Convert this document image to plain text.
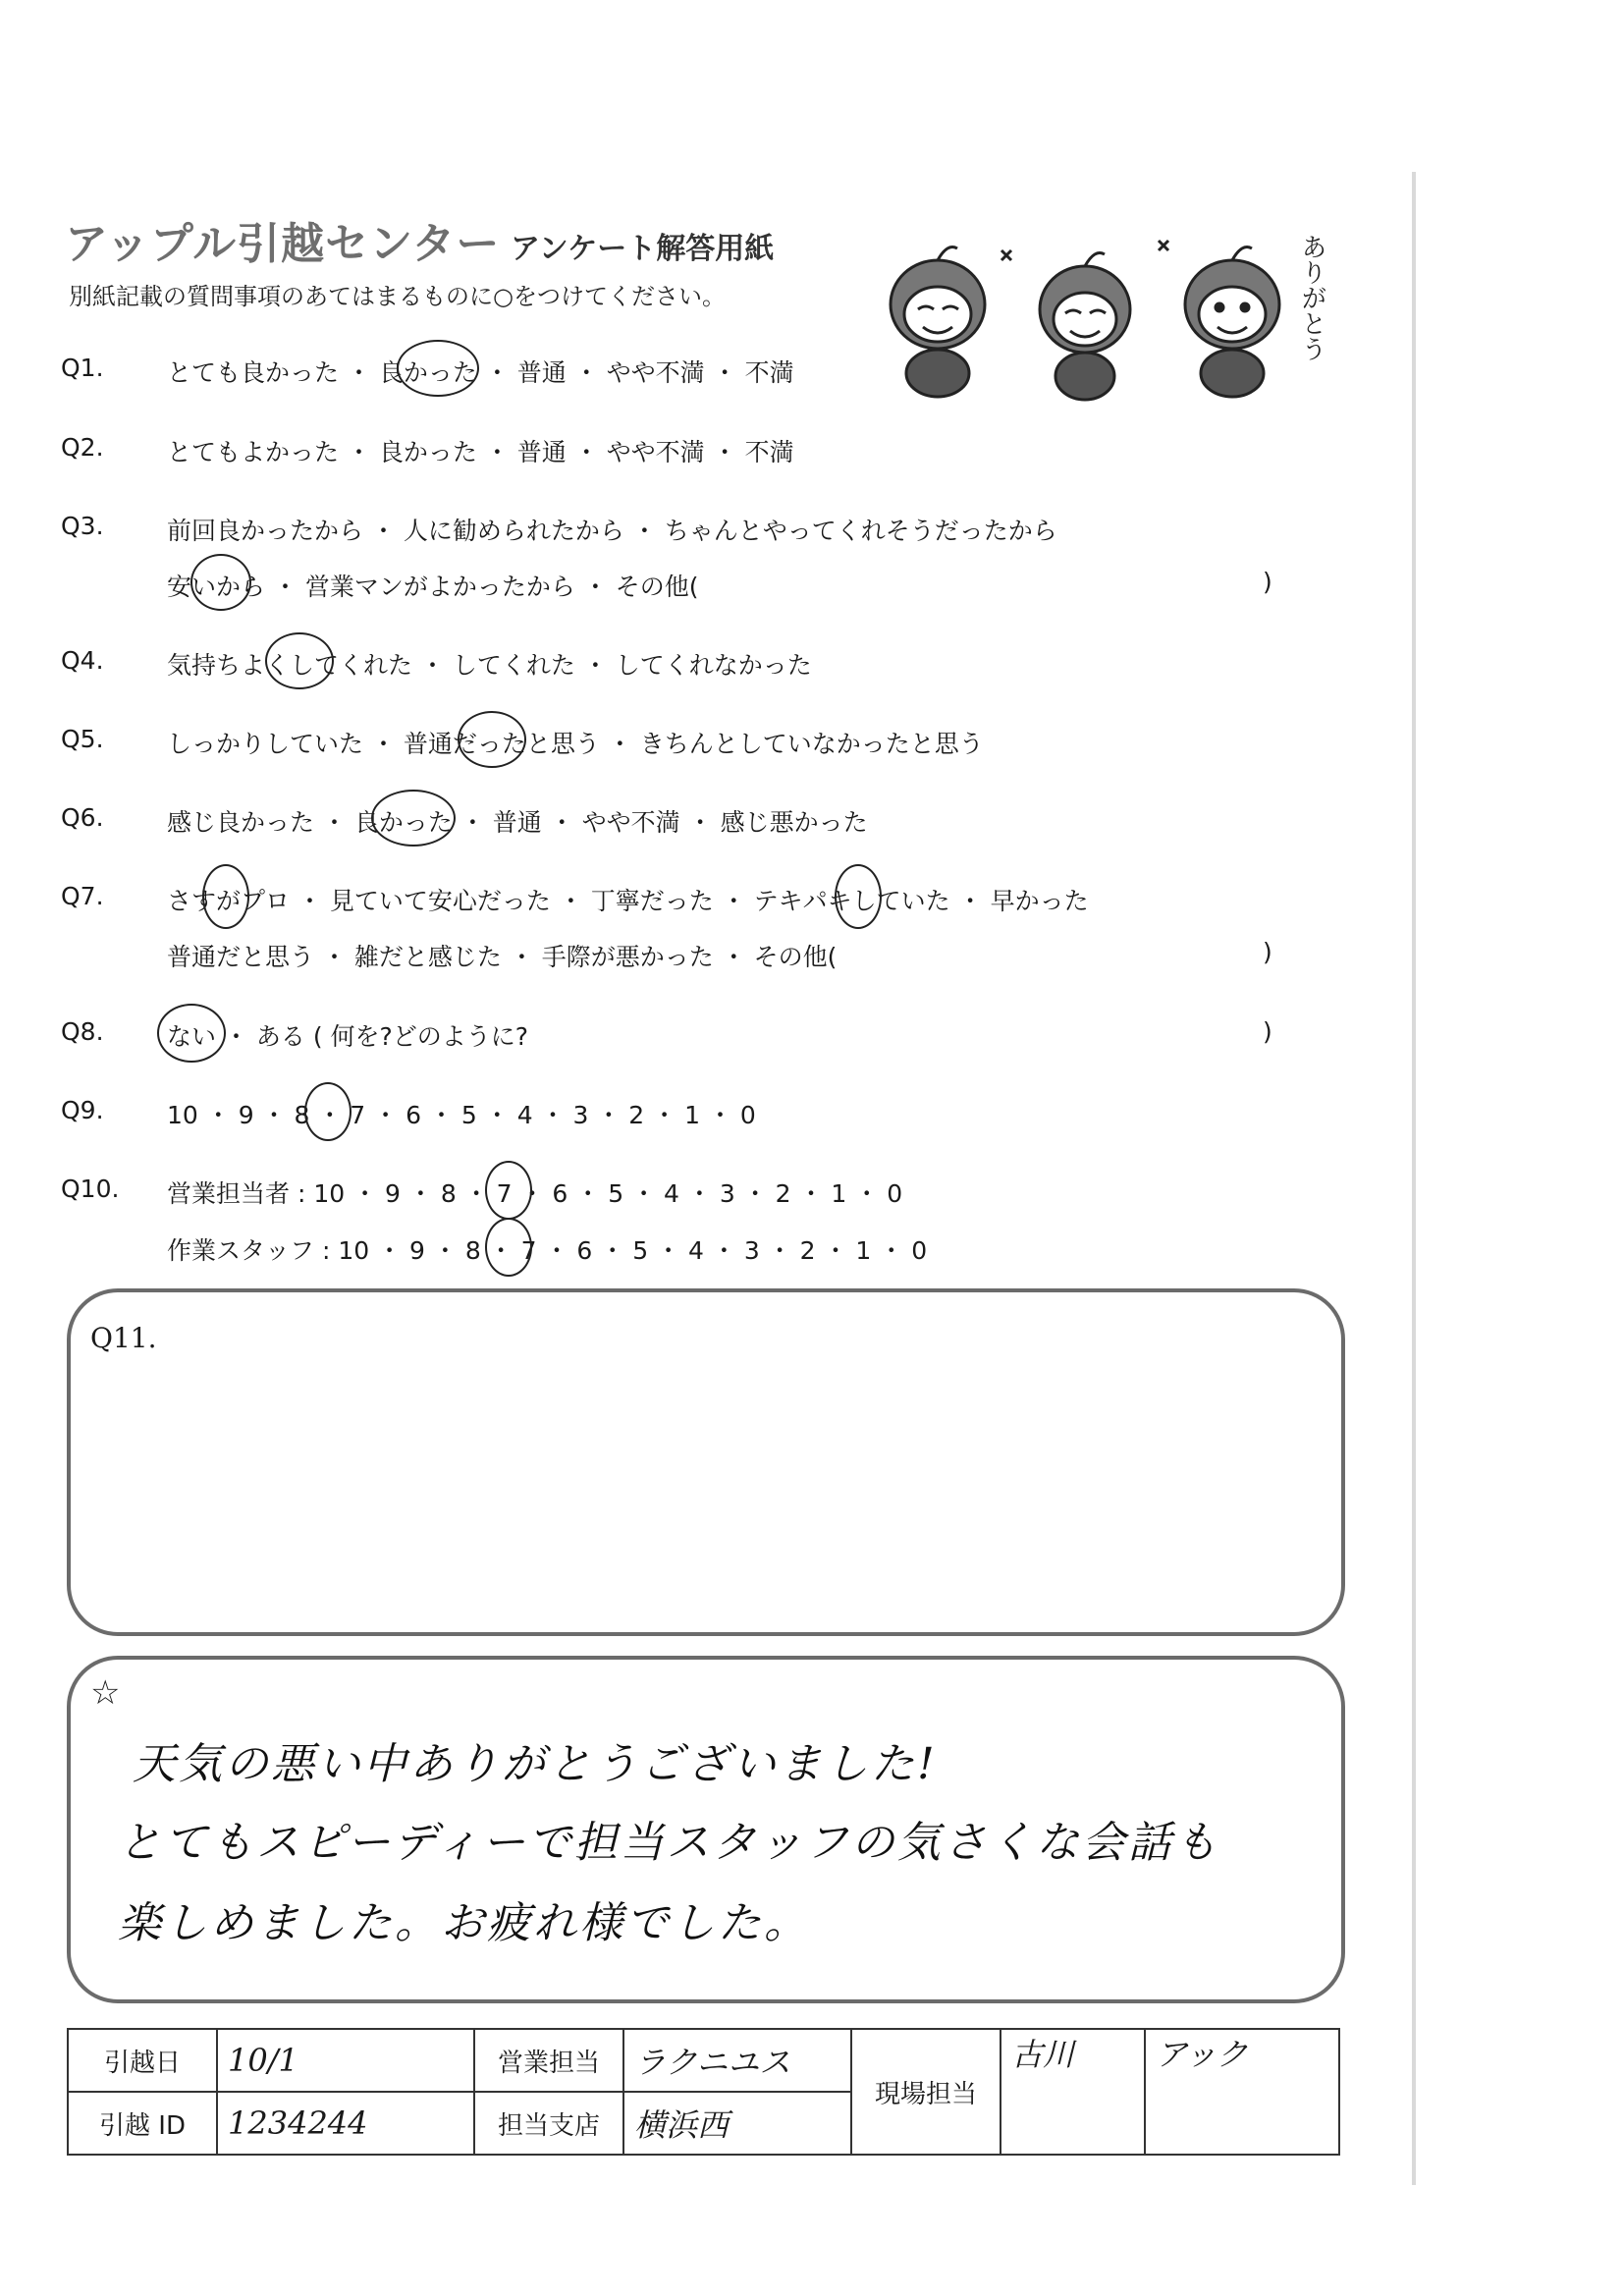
アップル引越センター アンケート解答用紙
別紙記載の質問事項のあてはまるものに○をつけてください。	ありがとう
Q1.	とても良かった ・ 良かった ・ 普通 ・ やや不満 ・ 不満
Q2.	とてもよかった ・ 良かった ・ 普通 ・ やや不満 ・ 不満
Q3.	前回良かったから ・ 人に勧められたから ・ ちゃんとやってくれそうだったから
安いから ・ 営業マンがよかったから ・ その他(	)
Q4.	気持ちよくしてくれた ・ してくれた ・ してくれなかった
Q5.	しっかりしていた ・ 普通だったと思う ・ きちんとしていなかったと思う
Q6.	感じ良かった ・ 良かった ・ 普通 ・ やや不満 ・ 感じ悪かった
Q7.	さすがプロ ・ 見ていて安心だった ・ 丁寧だった ・ テキパキしていた ・ 早かった
普通だと思う ・ 雑だと感じた ・ 手際が悪かった ・ その他(	)
Q8.	ない ・ ある ( 何を?どのように?	)
Q9.	10 ・ 9 ・ 8 ・ 7 ・ 6 ・ 5 ・ 4 ・ 3 ・ 2 ・ 1 ・ 0
Q10.	営業担当者 : 10 ・ 9 ・ 8 ・ 7 ・ 6 ・ 5 ・ 4 ・ 3 ・ 2 ・ 1 ・ 0
作業スタッフ : 10 ・ 9 ・ 8 ・ 7 ・ 6 ・ 5 ・ 4 ・ 3 ・ 2 ・ 1 ・ 0
Q11.
☆
天気の悪い中ありがとうございました!
とてもスピーディーで担当スタッフの気さくな会話も
楽しめました。お疲れ様でした。
引越日	10/1	営業担当	ラクニユス	現場担当	古川	アック
引越 ID	1234244	担当支店	横浜西			
